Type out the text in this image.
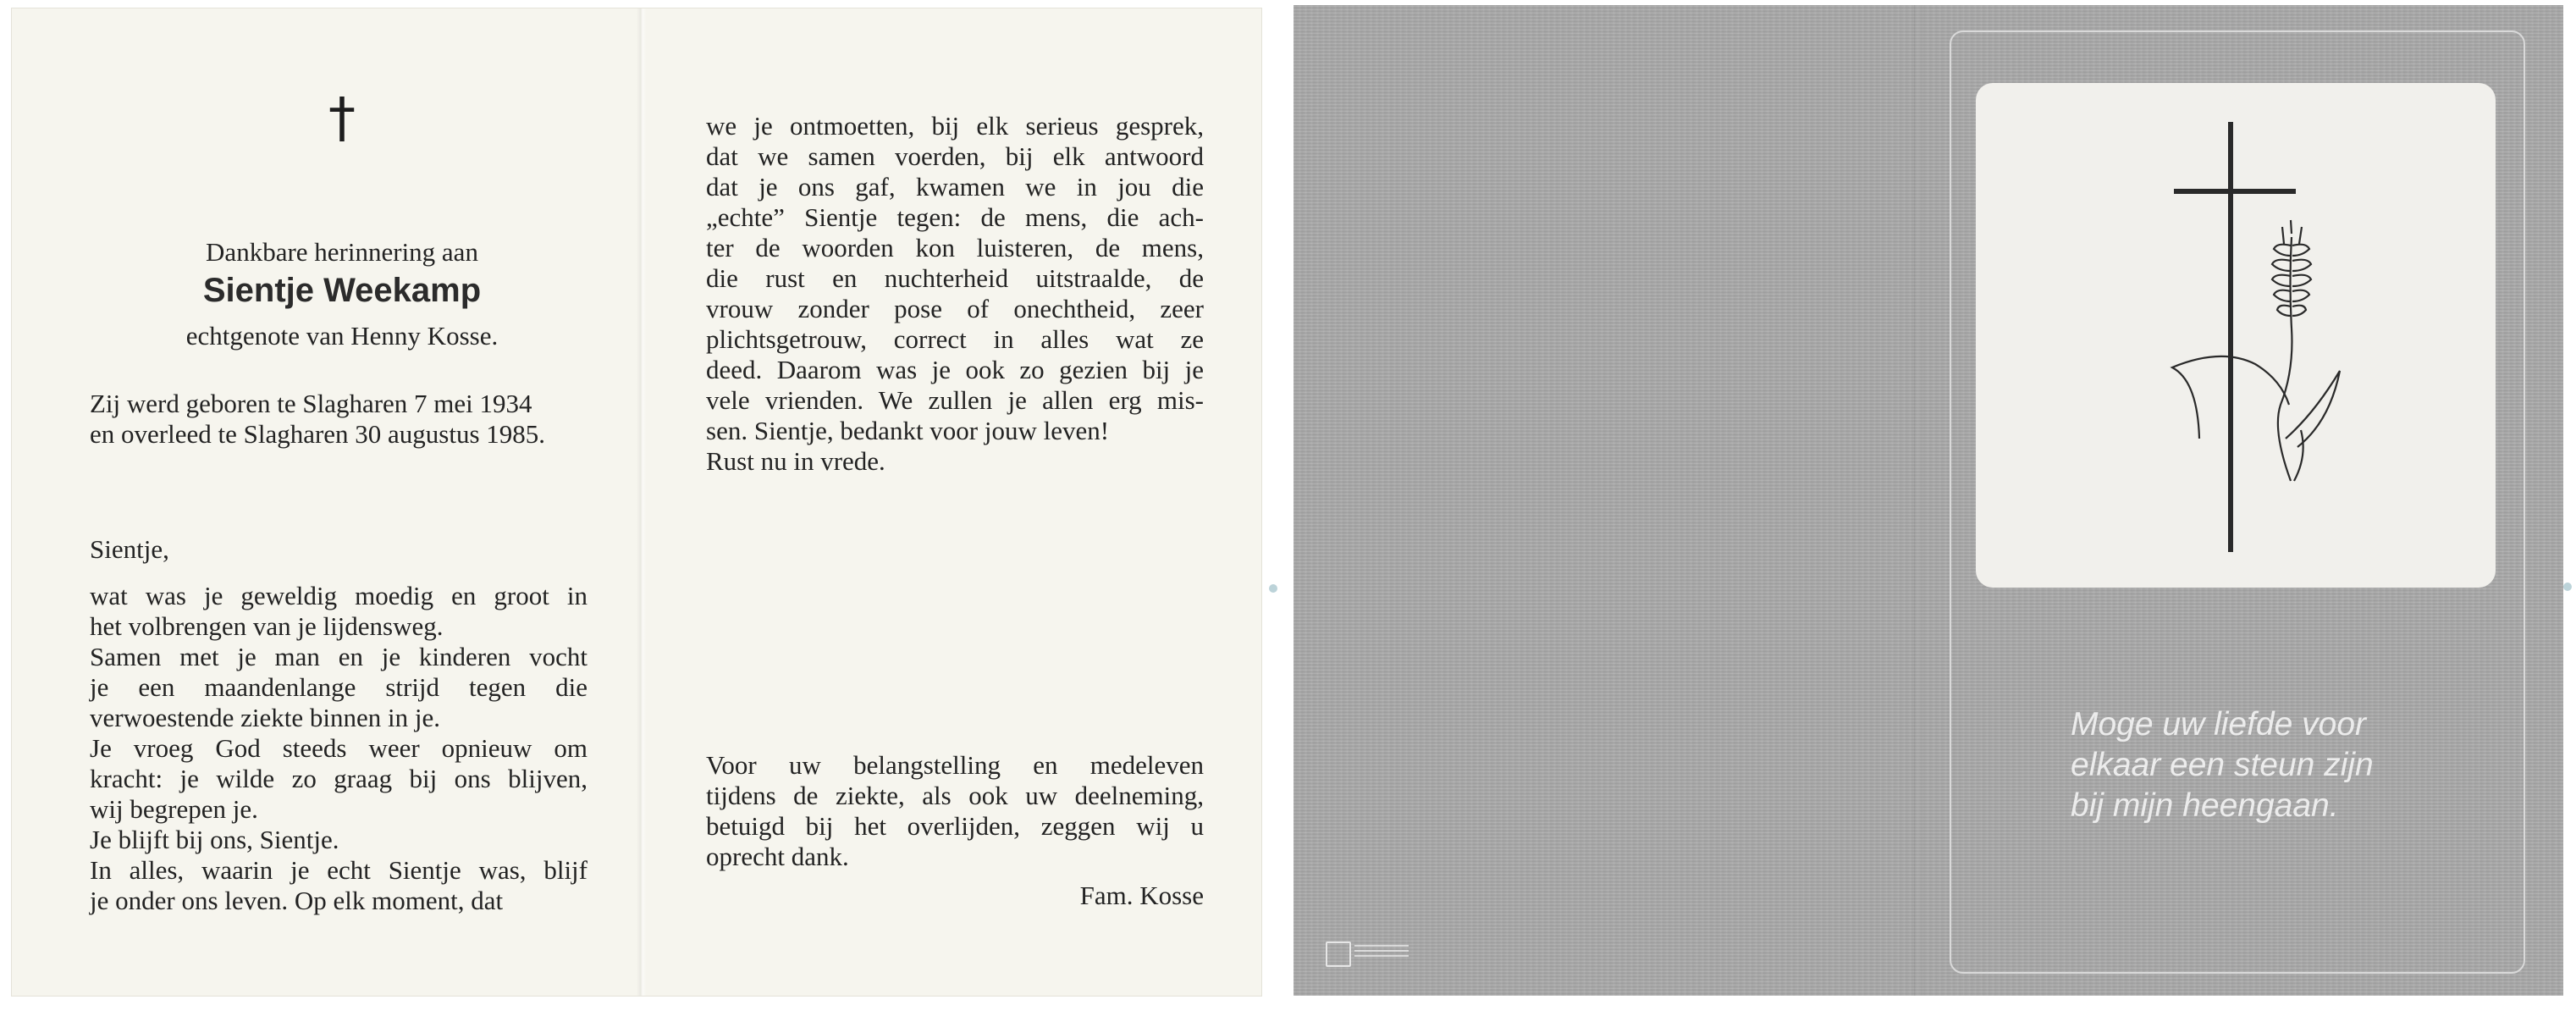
†
Dankbare herinnering aan
Sientje Weekamp
echtgenote van Henny Kosse.
Zij werd geboren te Slagharen 7 mei 1934
en overleed te Slagharen 30 augustus 1985.
Sientje,
wat was je geweldig moedig en groot in
het volbrengen van je lijdensweg.
Samen met je man en je kinderen vocht
je een maandenlange strijd tegen die
verwoestende ziekte binnen in je.
Je vroeg God steeds weer opnieuw om
kracht: je wilde zo graag bij ons blijven,
wij begrepen je.
Je blijft bij ons, Sientje.
In alles, waarin je echt Sientje was, blijf
je onder ons leven. Op elk moment, dat
we je ontmoetten, bij elk serieus gesprek,
dat we samen voerden, bij elk antwoord
dat je ons gaf, kwamen we in jou die
„echte” Sientje tegen: de mens, die ach-
ter de woorden kon luisteren, de mens,
die rust en nuchterheid uitstraalde, de
vrouw zonder pose of onechtheid, zeer
plichtsgetrouw, correct in alles wat ze
deed. Daarom was je ook zo gezien bij je
vele vrienden. We zullen je allen erg mis-
sen. Sientje, bedankt voor jouw leven!
Rust nu in vrede.
Voor uw belangstelling en medeleven
tijdens de ziekte, als ook uw deelneming,
betuigd bij het overlijden, zeggen wij u
oprecht dank.
Fam. Kosse
Moge uw liefde voor
elkaar een steun zijn
bij mijn heengaan.
